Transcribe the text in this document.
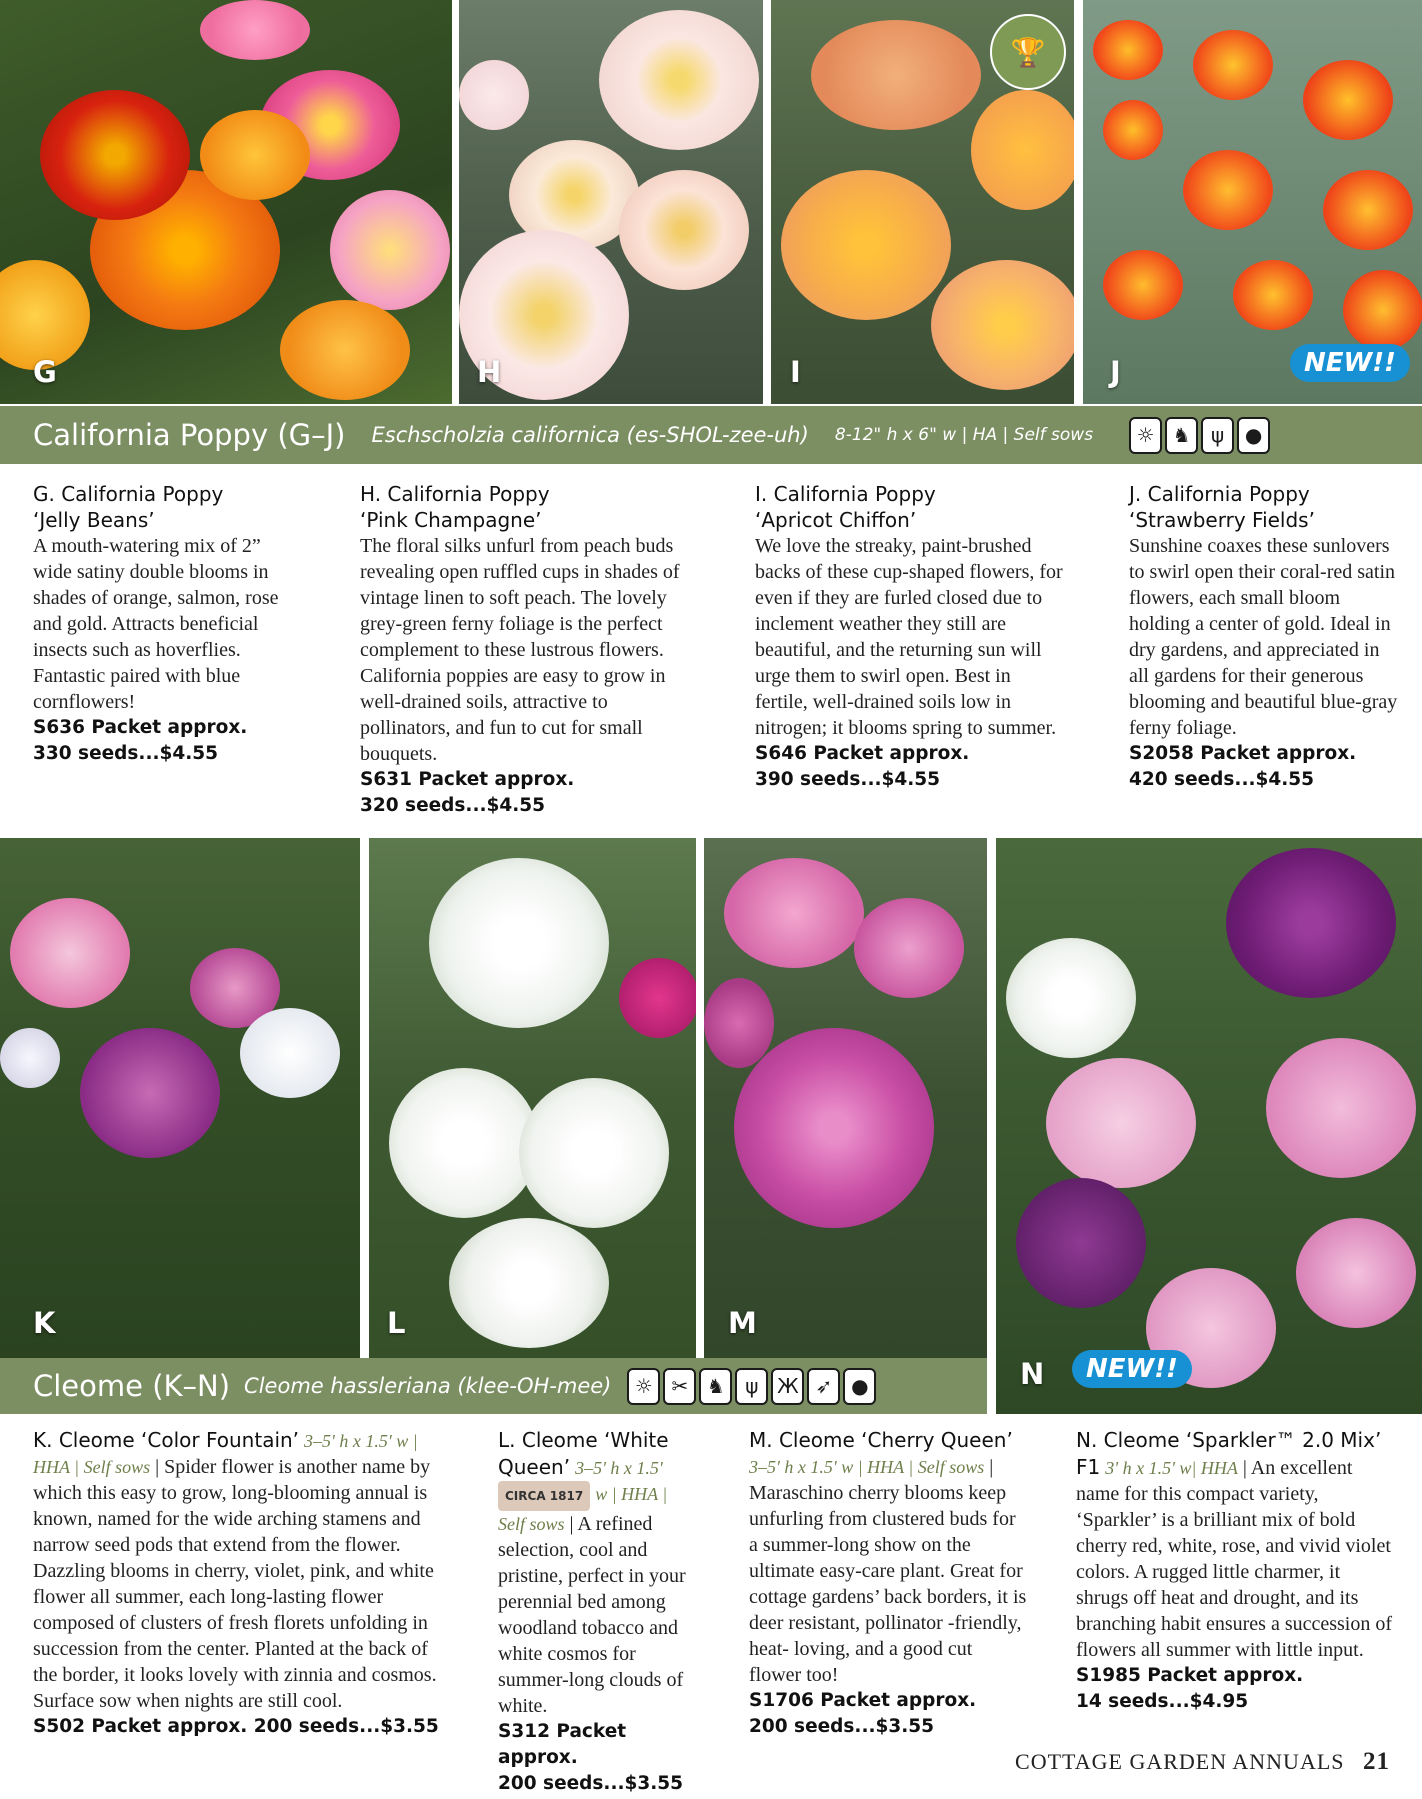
G	H
🏆
I	J	NEW!!
California Poppy (G–J) Eschscholzia californica (es-SHOL-zee-uh) 8-12" h x 6" w | HA | Self sows	☼ ♞	ψ	●
G. California Poppy
‘Jelly Beans’
A mouth-watering mix of 2” wide satiny double blooms in shades of orange, salmon, rose and gold. Attracts beneficial insects such as hoverflies. Fantastic paired with blue cornflowers!
S636 Packet approx.
330 seeds...$4.55
H. California Poppy
‘Pink Champagne’
The floral silks unfurl from peach buds revealing open ruffled cups in shades of vintage linen to soft peach. The lovely grey-green ferny foliage is the perfect complement to these lustrous flowers. California poppies are easy to grow in well-drained soils, attractive to pollinators, and fun to cut for small bouquets.
S631 Packet approx.
320 seeds...$4.55
I. California Poppy
‘Apricot Chiffon’
We love the streaky, paint-brushed backs of these cup-shaped flowers, for even if they are furled closed due to inclement weather they still are beautiful, and the returning sun will urge them to swirl open. Best in fertile, well-drained soils low in nitrogen; it blooms spring to summer.
S646 Packet approx.
390 seeds...$4.55
J. California Poppy
‘Strawberry Fields’
Sunshine coaxes these sunlovers to swirl open their coral-red satin flowers, each small bloom holding a center of gold. Ideal in dry gardens, and appreciated in all gardens for their generous blooming and beautiful blue-gray ferny foliage.
S2058 Packet approx.
420 seeds...$4.55
K	L	M
N	NEW!!
Cleome (K–N) Cleome hassleriana (klee-OH-mee)	☼ ✂ ♞	ψ Ж ➶ ●
K. Cleome ‘Color Fountain’ 3–5' h x 1.5' w | HHA | Self sows | Spider flower is another name by which this easy to grow, long-blooming annual is known, named for the wide arching stamens and narrow seed pods that extend from the flower. Dazzling blooms in cherry, violet, pink, and white flower all summer, each long-lasting flower composed of clusters of fresh florets unfolding in succession from the center. Planted at the back of the border, it looks lovely with zinnia and cosmos. Surface sow when nights are still cool.
S502 Packet approx. 200 seeds...$3.55
L. Cleome ‘White Queen’ 3–5' h x 1.5' CIRCA 1817 w | HHA | Self sows | A refined selection, cool and pristine, perfect in your perennial bed among woodland tobacco and white cosmos for summer-long clouds of white.
S312 Packet approx.
200 seeds...$3.55
M. Cleome ‘Cherry Queen’ 3–5' h x 1.5' w | HHA | Self sows | Maraschino cherry blooms keep unfurling from clustered buds for a summer-long show on the ultimate easy-care plant. Great for cottage gardens’ back borders, it is deer resistant, pollinator -friendly, heat- loving, and a good cut flower too!
S1706 Packet approx.
200 seeds...$3.55
N. Cleome ‘Sparkler™ 2.0 Mix’ F1 3' h x 1.5' w| HHA | An excellent name for this compact variety, ‘Sparkler’ is a brilliant mix of bold cherry red, white, rose, and vivid violet colors. A rugged little charmer, it shrugs off heat and drought, and its branching habit ensures a succession of flowers all summer with little input.
S1985 Packet approx.
14 seeds...$4.95
COTTAGE GARDEN ANNUALS 21
